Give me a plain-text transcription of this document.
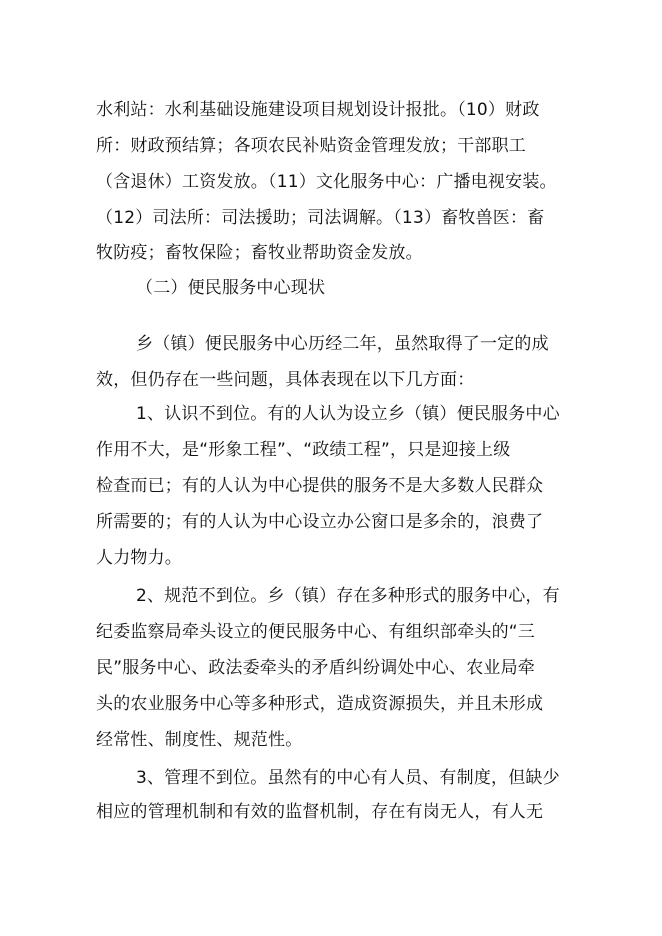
水利站：水利基础设施建设项目规划设计报批。（10）财政
所：财政预结算；各项农民补贴资金管理发放；干部职工
（含退休）工资发放。（11）文化服务中心：广播电视安装。
（12）司法所：司法援助；司法调解。（13）畜牧兽医：畜
牧防疫；畜牧保险；畜牧业帮助资金发放。
（二）便民服务中心现状
乡（镇）便民服务中心历经二年，虽然取得了一定的成
效，但仍存在一些问题，具体表现在以下几方面：
1、认识不到位。有的人认为设立乡（镇）便民服务中心
作用不大，是“形象工程”、“政绩工程”，只是迎接上级
检查而已；有的人认为中心提供的服务不是大多数人民群众
所需要的；有的人认为中心设立办公窗口是多余的，浪费了
人力物力。
2、规范不到位。乡（镇）存在多种形式的服务中心，有
纪委监察局牵头设立的便民服务中心、有组织部牵头的“三
民”服务中心、政法委牵头的矛盾纠纷调处中心、农业局牵
头的农业服务中心等多种形式，造成资源损失，并且未形成
经常性、制度性、规范性。
3、管理不到位。虽然有的中心有人员、有制度，但缺少
相应的管理机制和有效的监督机制，存在有岗无人，有人无
